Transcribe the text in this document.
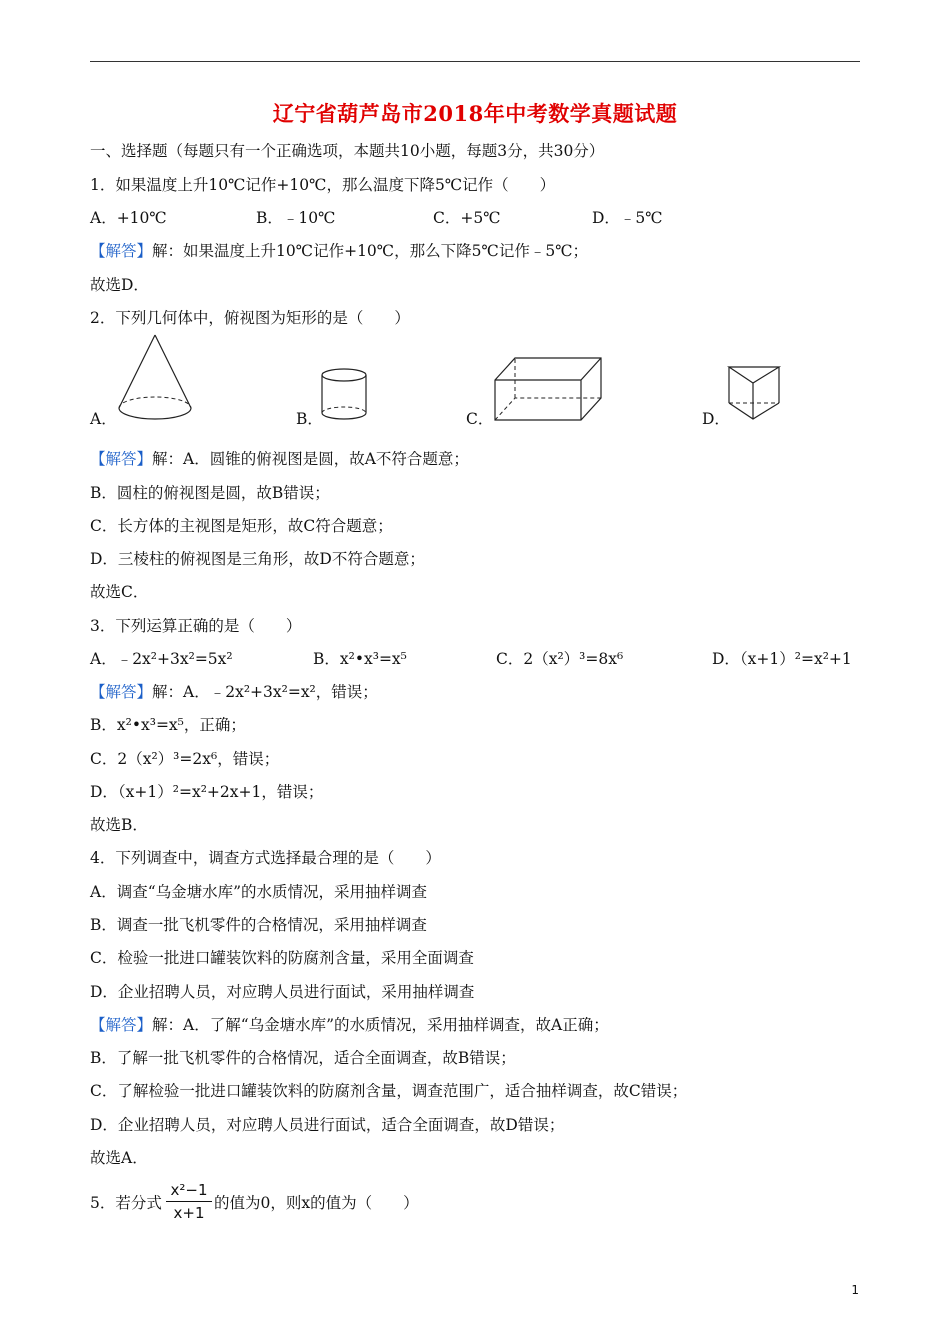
辽宁省葫芦岛市2018年中考数学真题试题
一、选择题（每题只有一个正确选项，本题共10小题，每题3分，共30分）
1．如果温度上升10℃记作+10℃，那么温度下降5℃记作（　　）
A．+10℃	B．﹣10℃	C．+5℃	D．﹣5℃
【解答】解：如果温度上升10℃记作+10℃，那么下降5℃记作﹣5℃；
故选D．
2．下列几何体中，俯视图为矩形的是（　　）
A．	B．	C．	D．
【解答】解：A．圆锥的俯视图是圆，故A不符合题意；
B．圆柱的俯视图是圆，故B错误；
C．长方体的主视图是矩形，故C符合题意；
D．三棱柱的俯视图是三角形，故D不符合题意；
故选C．
3．下列运算正确的是（　　）
A．﹣2x²+3x²=5x²	B．x²•x³=x⁵	C．2（x²）³=8x⁶	D．（x+1）²=x²+1
【解答】解：A．﹣2x²+3x²=x²，错误；
B．x²•x³=x⁵，正确；
C．2（x²）³=2x⁶，错误；
D．（x+1）²=x²+2x+1，错误；
故选B．
4．下列调查中，调查方式选择最合理的是（　　）
A．调查“乌金塘水库”的水质情况，采用抽样调查
B．调查一批飞机零件的合格情况，采用抽样调查
C．检验一批进口罐装饮料的防腐剂含量，采用全面调查
D．企业招聘人员，对应聘人员进行面试，采用抽样调查
【解答】解：A．了解“乌金塘水库”的水质情况，采用抽样调查，故A正确；
B．了解一批飞机零件的合格情况，适合全面调查，故B错误；
C．了解检验一批进口罐装饮料的防腐剂含量，调查范围广，适合抽样调查，故C错误；
D．企业招聘人员，对应聘人员进行面试，适合全面调查，故D错误；
故选A．
5．若分式 $\frac{\text{x²−1}}{x+1}$ 的值为0，则x的值为（　　）
1
